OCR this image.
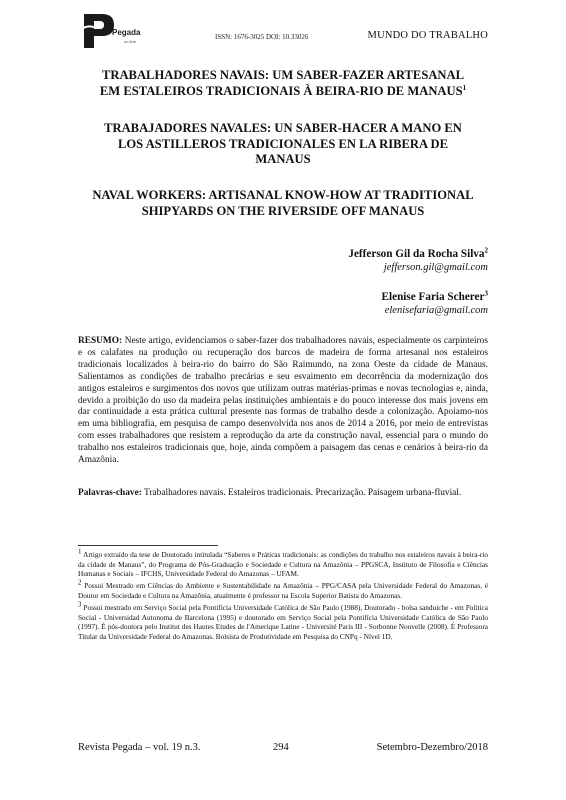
Pegada
on line
ISSN: 1676-3025 DOI: 10.33026	MUNDO DO TRABALHO
TRABALHADORES NAVAIS: UM SABER-FAZER ARTESANAL
EM ESTALEIROS TRADICIONAIS À BEIRA-RIO DE MANAUS$^1$
TRABAJADORES NAVALES: UN SABER-HACER A MANO EN
LOS ASTILLEROS TRADICIONALES EN LA RIBERA DE
MANAUS
NAVAL WORKERS: ARTISANAL KNOW-HOW AT TRADITIONAL
SHIPYARDS ON THE RIVERSIDE OFF MANAUS
Jefferson Gil da Rocha Silva$^2$
jefferson.gil@gmail.com
Elenise Faria Scherer$^3$
elenisefaria@gmail.com
RESUMO: Neste artigo, evidenciamos o saber-fazer dos trabalhadores navais, especialmente os carpinteiros e os calafates na produção ou recuperação dos barcos de madeira de forma artesanal nos estaleiros tradicionais localizados à beira-rio do bairro do São Raimundo, na zona Oeste da cidade de Manaus. Salientamos as condições de trabalho precárias e seu esvaimento em decorrência da modernização dos antigos estaleiros e surgimentos dos novos que utilizam outras matérias-primas e novas tecnologias e, ainda, devido a proibição do uso da madeira pelas instituições ambientais e do pouco interesse dos mais jovens em dar continuidade a esta prática cultural presente nas formas de trabalho desde a colonização. Apoiamo-nos em uma bibliografia, em pesquisa de campo desenvolvida nos anos de 2014 a 2016, por meio de entrevistas com esses trabalhadores que resistem a reprodução da arte da construção naval, essencial para o mundo do trabalho nos estaleiros tradicionais que, hoje, ainda compõem a paisagem das cenas e cenários à beira-rio da Amazônia.
Palavras-chave: Trabalhadores navais. Estaleiros tradicionais. Precarização. Paisagem urbana-fluvial.

$^1$ Artigo extraído da tese de Doutorado intitulada “Saberes e Práticas tradicionais: as condições do trabalho nos estaleiros navais à beira-rio da cidade de Manaus”, do Programa de Pós-Graduação e Sociedade e Cultura na Amazônia – PPGSCA, Instituto de Filosofia e Ciências Humanas e Sociais – IFCHS, Universidade Federal do Amazonas – UFAM.

$^2$ Possui Mestrado em Ciências do Ambiente e Sustentabilidade na Amazônia – PPG/CASA pela Universidade Federal do Amazonas, é Doutor em Sociedade e Cultura na Amazônia, atualmente é professor na Escola Superior Batista do Amazonas.

$^3$ Possui mestrado em Serviço Social pela Pontifícia Universidade Católica de São Paulo (1988), Doutorado - bolsa sanduiche - em Política Social - Universidad Autonoma de Barcelona (1995) e doutorado em Serviço Social pela Pontifícia Universidade Católica de São Paulo (1997). É pós-doutora pelo Institut des Hautes Etudes de l'Amerique Latine - Université Paris III - Sorbonne Nouvelle (2008). É Professora Titular da Universidade Federal do Amazonas. Bolsista de Produtividade em Pesquisa do CNPq - Nível 1D.

Revista Pegada – vol. 19 n.3.	294	Setembro-Dezembro/2018
